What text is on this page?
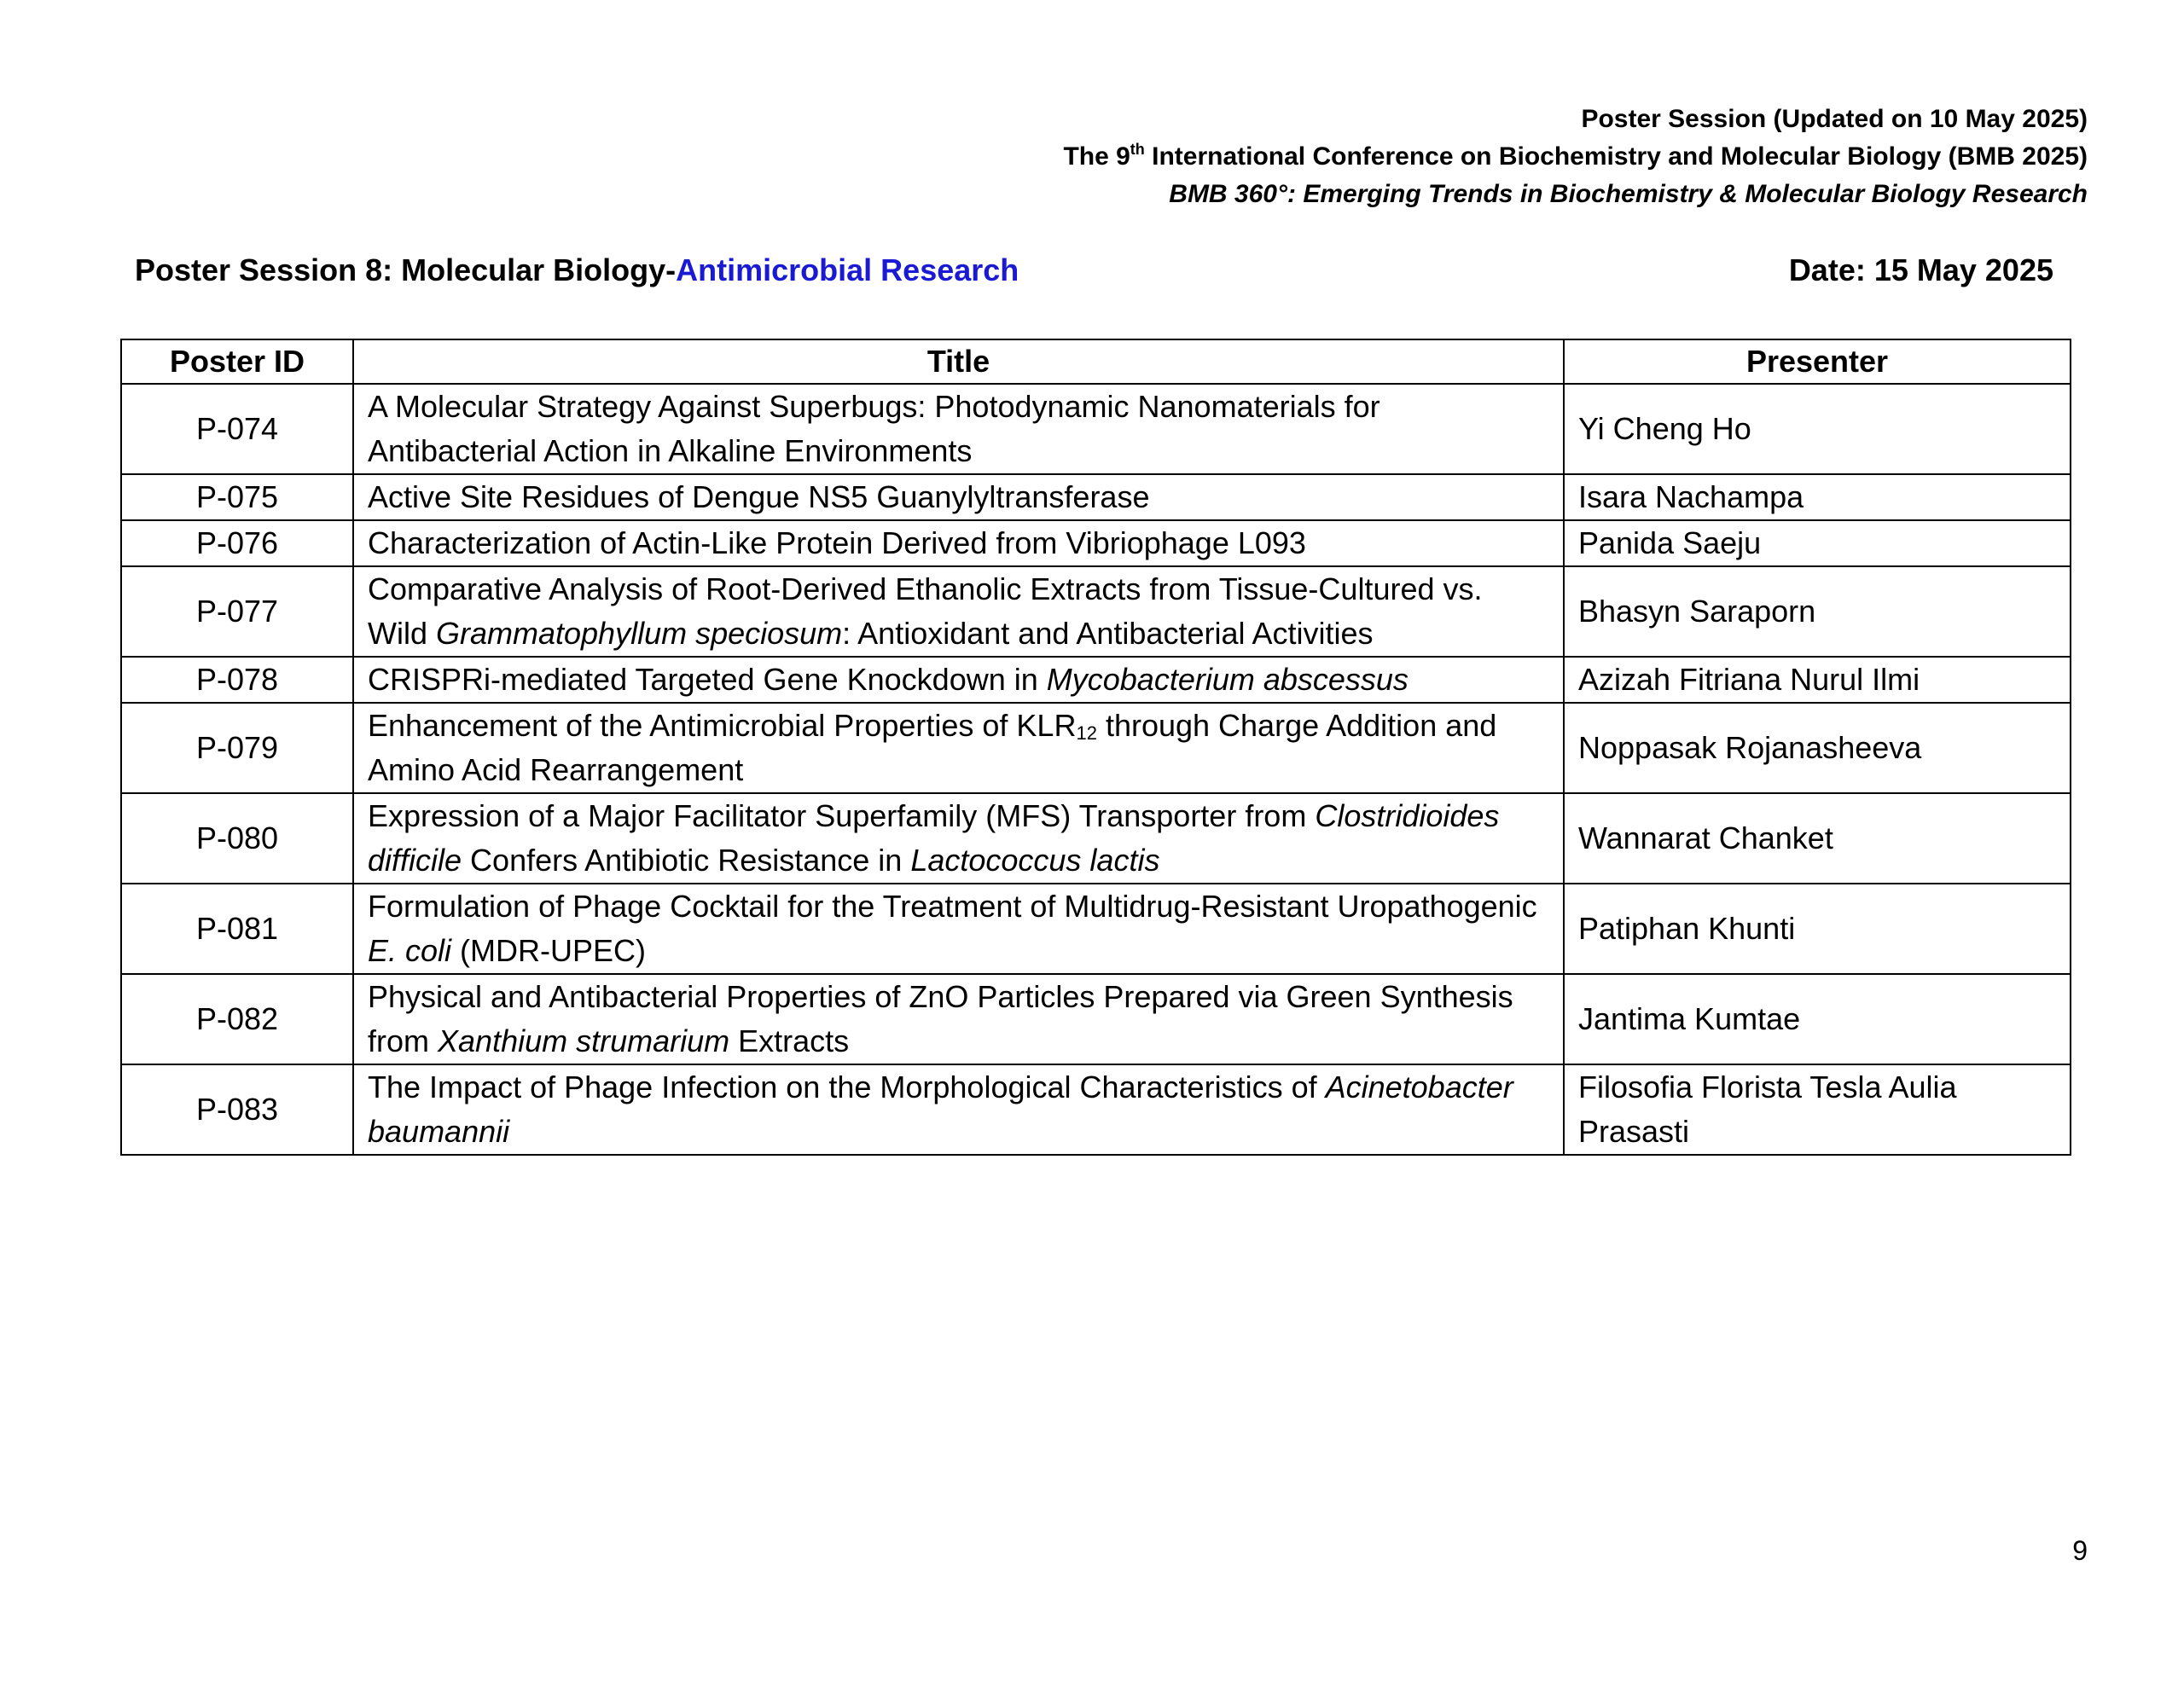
Poster Session (Updated on 10 May 2025)
The 9th International Conference on Biochemistry and Molecular Biology (BMB 2025)
BMB 360°: Emerging Trends in Biochemistry & Molecular Biology Research
Poster Session 8: Molecular Biology-Antimicrobial Research	Date: 15 May 2025
Poster ID	Title	Presenter
P-074	A Molecular Strategy Against Superbugs: Photodynamic Nanomaterials for Antibacterial Action in Alkaline Environments	Yi Cheng Ho
P-075	Active Site Residues of Dengue NS5 Guanylyltransferase	Isara Nachampa
P-076	Characterization of Actin-Like Protein Derived from Vibriophage L093	Panida Saeju
P-077	Comparative Analysis of Root-Derived Ethanolic Extracts from Tissue-Cultured vs. Wild Grammatophyllum speciosum: Antioxidant and Antibacterial Activities	Bhasyn Saraporn
P-078	CRISPRi-mediated Targeted Gene Knockdown in Mycobacterium abscessus	Azizah Fitriana Nurul Ilmi
P-079	Enhancement of the Antimicrobial Properties of $KLR_{12}$ through Charge Addition and Amino Acid Rearrangement	Noppasak Rojanasheeva
P-080	Expression of a Major Facilitator Superfamily (MFS) Transporter from Clostridioides difficile Confers Antibiotic Resistance in Lactococcus lactis	Wannarat Chanket
P-081	Formulation of Phage Cocktail for the Treatment of Multidrug-Resistant Uropathogenic E. coli (MDR-UPEC)	Patiphan Khunti
P-082	Physical and Antibacterial Properties of ZnO Particles Prepared via Green Synthesis from Xanthium strumarium Extracts	Jantima Kumtae
P-083	The Impact of Phage Infection on the Morphological Characteristics of Acinetobacter baumannii	Filosofia Florista Tesla Aulia Prasasti
9
